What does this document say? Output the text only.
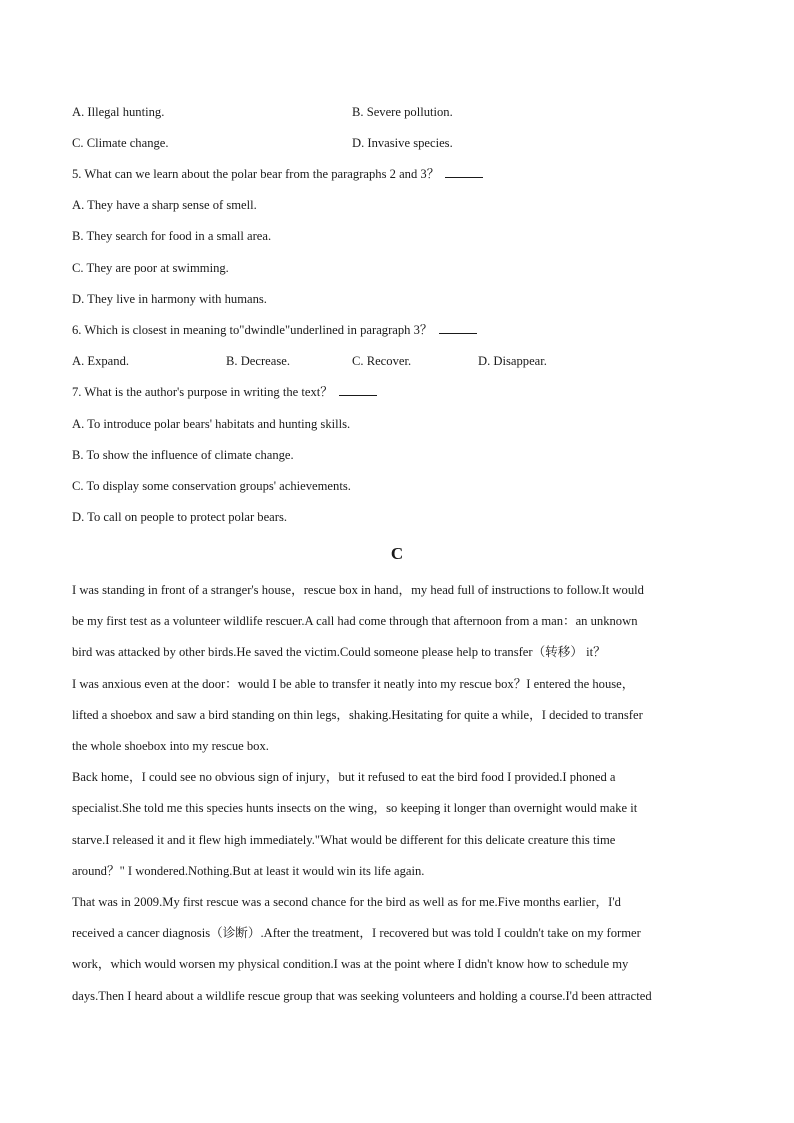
A. Illegal hunting.	B. Severe pollution.
C. Climate change.	D. Invasive species.
5. What can we learn about the polar bear from the paragraphs 2 and 3？
A. They have a sharp sense of smell.
B. They search for food in a small area.
C. They are poor at swimming.
D. They live in harmony with humans.
6. Which is closest in meaning to"dwindle"underlined in paragraph 3？
A. Expand.	B. Decrease.	C. Recover.	D. Disappear.
7. What is the author's purpose in writing the text？
A. To introduce polar bears' habitats and hunting skills.
B. To show the influence of climate change.
C. To display some conservation groups' achievements.
D. To call on people to protect polar bears.
C
I was standing in front of a stranger's house，rescue box in hand，my head full of instructions to follow.It would
be my first test as a volunteer wildlife rescuer.A call had come through that afternoon from a man：an unknown
bird was attacked by other birds.He saved the victim.Could someone please help to transfer（转移） it？
I was anxious even at the door：would I be able to transfer it neatly into my rescue box？I entered the house，
lifted a shoebox and saw a bird standing on thin legs，shaking.Hesitating for quite a while，I decided to transfer
the whole shoebox into my rescue box.
Back home，I could see no obvious sign of injury，but it refused to eat the bird food I provided.I phoned a
specialist.She told me this species hunts insects on the wing，so keeping it longer than overnight would make it
starve.I released it and it flew high immediately."What would be different for this delicate creature this time
around？" I wondered.Nothing.But at least it would win its life again.
That was in 2009.My first rescue was a second chance for the bird as well as for me.Five months earlier，I'd
received a cancer diagnosis（诊断）.After the treatment，I recovered but was told I couldn't take on my former
work，which would worsen my physical condition.I was at the point where I didn't know how to schedule my
days.Then I heard about a wildlife rescue group that was seeking volunteers and holding a course.I'd been attracted
